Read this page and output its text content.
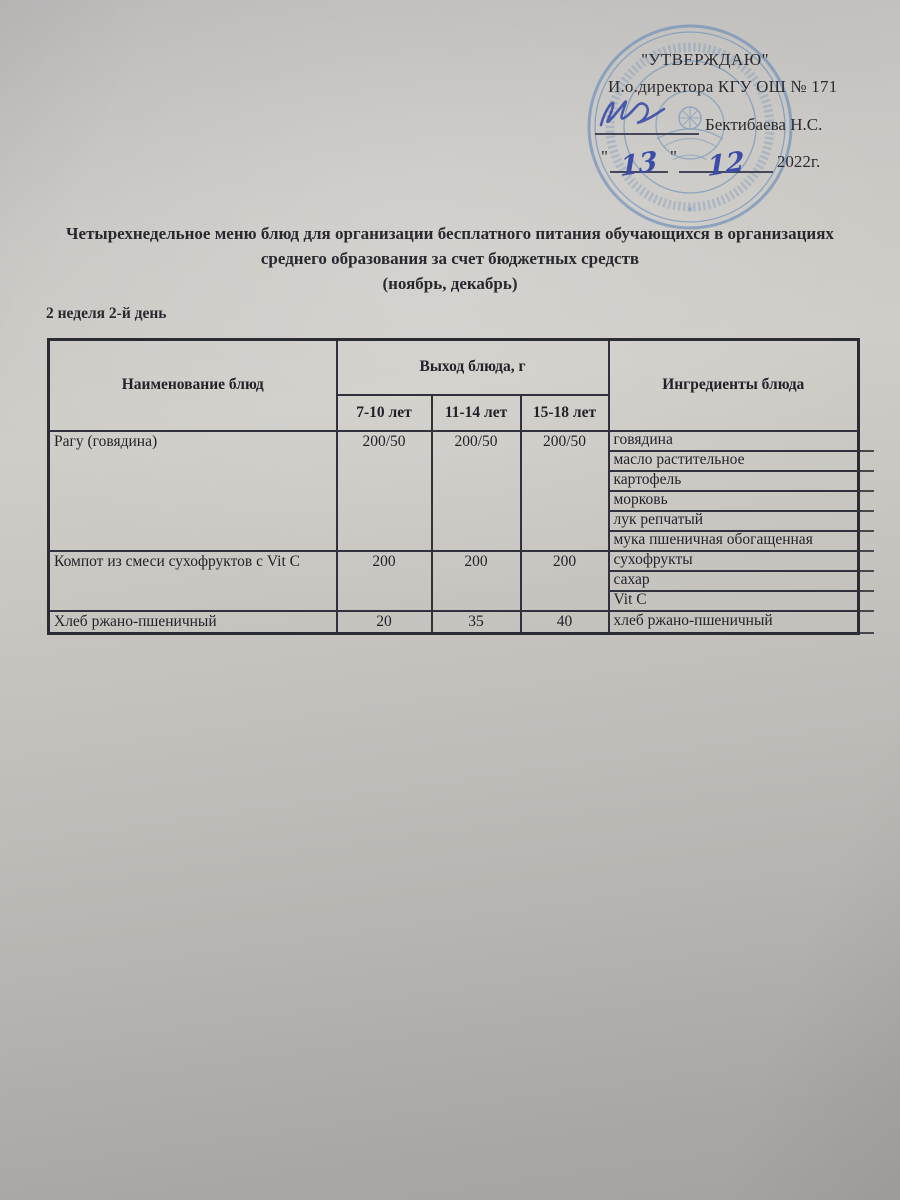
✶
"УТВЕРЖДАЮ"
И.о.директора КГУ ОШ № 171
Бектибаева Н.С.
" 13 "	12	2022г.
Четырехнедельное меню блюд для организации бесплатного питания обучающихся в организациях
среднего образования за счет бюджетных средств
(ноябрь, декабрь)
2 неделя 2-й день
Наименование блюд	Выход блюда, г			Ингредиенты блюда
	7-10 лет	11-14 лет	15-18 лет	
Рагу (говядина)	200/50	200/50	200/50	говядина
				масло растительное
				картофель
				морковь
				лук репчатый
				мука пшеничная обогащенная
Компот из смеси сухофруктов с Vit C	200	200	200	сухофрукты
				сахар
				Vit C
Хлеб ржано-пшеничный	20	35	40	хлеб ржано-пшеничный
